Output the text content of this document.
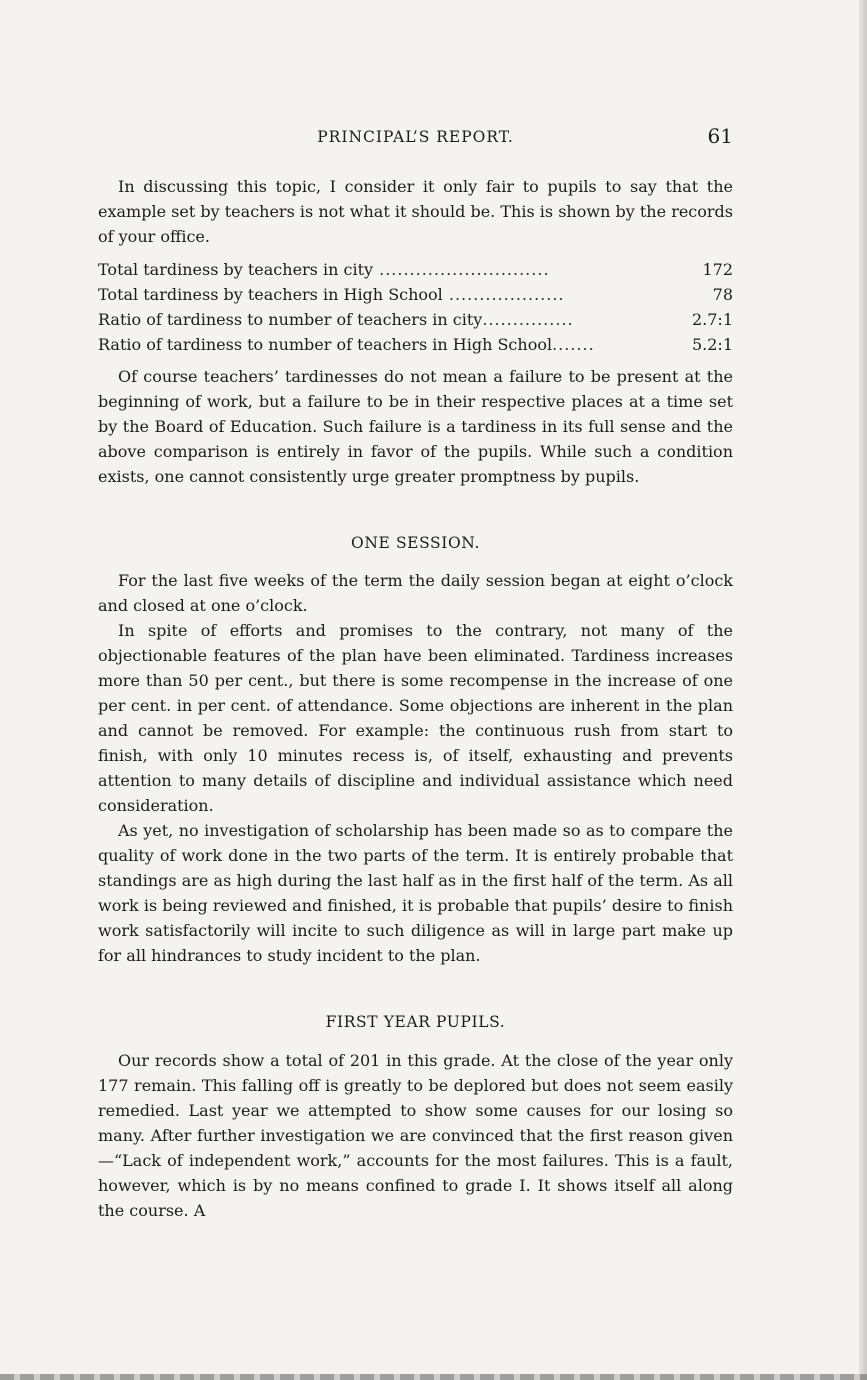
PRINCIPAL’S REPORT.	61

In discussing this topic, I consider it only fair to pupils to say that the example set by teachers is not what it should be. This is shown by the records of your office.

Total tardiness by teachers in city ............................	172
Total tardiness by teachers in High School ...................	78
Ratio of tardiness to number of teachers in city...............	2.7:1
Ratio of tardiness to number of teachers in High School.......	5.2:1

Of course teachers’ tardinesses do not mean a failure to be present at the beginning of work, but a failure to be in their respective places at a time set by the Board of Education. Such failure is a tardiness in its full sense and the above comparison is entirely in favor of the pupils. While such a condition exists, one cannot consistently urge greater promptness by pupils.

ONE SESSION.

For the last five weeks of the term the daily session began at eight o’clock and closed at one o’clock.

In spite of efforts and promises to the contrary, not many of the objectionable features of the plan have been eliminated. Tardiness increases more than 50 per cent., but there is some recompense in the increase of one per cent. in per cent. of attendance. Some objections are inherent in the plan and cannot be removed. For example: the continuous rush from start to finish, with only 10 minutes recess is, of itself, exhausting and prevents attention to many details of discipline and individual assistance which need consideration.

As yet, no investigation of scholarship has been made so as to compare the quality of work done in the two parts of the term. It is entirely probable that standings are as high during the last half as in the first half of the term. As all work is being reviewed and finished, it is probable that pupils’ desire to finish work satisfactorily will incite to such diligence as will in large part make up for all hindrances to study incident to the plan.

FIRST YEAR PUPILS.

Our records show a total of 201 in this grade. At the close of the year only 177 remain. This falling off is greatly to be deplored but does not seem easily remedied. Last year we attempted to show some causes for our losing so many. After further investigation we are convinced that the first reason given—“Lack of independent work,” accounts for the most failures. This is a fault, however, which is by no means confined to grade I. It shows itself all along the course. A
